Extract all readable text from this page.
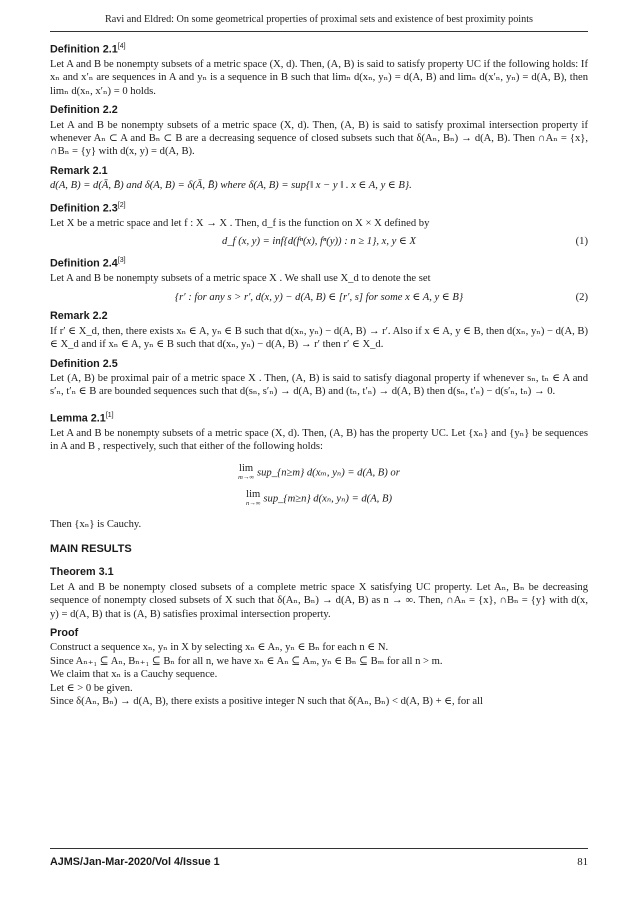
Ravi and Eldred: On some geometrical properties of proximal sets and existence of best proximity points
Definition 2.1[4]

Let A and B be nonempty subsets of a metric space (X, d). Then, (A, B) is said to satisfy property UC if the following holds: If xₙ and x′ₙ are sequences in A and yₙ is a sequence in B such that limₙ d(xₙ, yₙ) = d(A, B) and limₙ d(x′ₙ, yₙ) = d(A, B), then limₙ d(xₙ, x′ₙ) = 0 holds.

Definition 2.2

Let A and B be nonempty subsets of a metric space (X, d). Then, (A, B) is said to satisfy proximal intersection property if whenever Aₙ ⊂ A and Bₙ ⊂ B are a decreasing sequence of closed subsets such that δ(Aₙ, Bₙ) → d(A, B). Then ∩Aₙ = {x}, ∩Bₙ = {y} with d(x, y) = d(A, B).

Remark 2.1

d(A, B) = d(Ā, B̄) and δ(A, B) = δ(Ā, B̄) where δ(A, B) = sup{‖ x − y ‖ . x ∈ A, y ∈ B}.

Definition 2.3[2]

Let X be a metric space and let f : X → X . Then, d_f is the function on X × X defined by

d_f (x, y) = inf{d(fⁿ(x), fⁿ(y)) : n ≥ 1}, x, y ∈ X	(1)
Definition 2.4[3]

Let A and B be nonempty subsets of a metric space X . We shall use X_d to denote the set

{r′ : for any s > r′, d(x, y) − d(A, B) ∈ [r′, s] for some x ∈ A, y ∈ B}	(2)
Remark 2.2

If r′ ∈ X_d, then, there exists xₙ ∈ A, yₙ ∈ B such that d(xₙ, yₙ) − d(A, B) → r′. Also if x ∈ A, y ∈ B, then d(xₙ, yₙ) − d(A, B) ∈ X_d and if xₙ ∈ A, yₙ ∈ B such that d(xₙ, yₙ) − d(A, B) → r′ then r′ ∈ X_d.

Definition 2.5

Let (A, B) be proximal pair of a metric space X . Then, (A, B) is said to satisfy diagonal property if whenever sₙ, tₙ ∈ A and s′ₙ, t′ₙ ∈ B are bounded sequences such that d(sₙ, s′ₙ) → d(A, B) and (tₙ, t′ₙ) → d(A, B) then d(sₙ, t′ₙ) − d(s′ₙ, tₙ) → 0.

Lemma 2.1[1]

Let A and B be nonempty subsets of a metric space (X, d). Then, (A, B) has the property UC. Let {xₙ} and {yₙ} be sequences in A and B , respectively, such that either of the following holds:

lim
m→∞ sup_{n≥m} d(xₘ, yₙ) = d(A, B) or

lim
n→∞ sup_{m≥n} d(xₙ, yₙ) = d(A, B)

Then {xₙ} is Cauchy.

MAIN RESULTS
Theorem 3.1

Let A and B be nonempty closed subsets of a complete metric space X satisfying UC property. Let Aₙ, Bₙ be decreasing sequence of nonempty closed subsets of X such that δ(Aₙ, Bₙ) → d(A, B) as n → ∞. Then, ∩Aₙ = {x}, ∩Bₙ = {y} with d(x, y) = d(A, B) that is (A, B) satisfies proximal intersection property.

Proof

Construct a sequence xₙ, yₙ in X by selecting xₙ ∈ Aₙ, yₙ ∈ Bₙ for each n ∈ N.

Since Aₙ₊₁ ⊆ Aₙ, Bₙ₊₁ ⊆ Bₙ for all n, we have xₙ ∈ Aₙ ⊆ Aₘ, yₙ ∈ Bₙ ⊆ Bₘ for all n > m.

We claim that xₙ is a Cauchy sequence.

Let ∈ > 0 be given.

Since δ(Aₙ, Bₙ) → d(A, B), there exists a positive integer N such that δ(Aₙ, Bₙ) < d(A, B) + ∈, for all

AJMS/Jan-Mar-2020/Vol 4/Issue 1	81
